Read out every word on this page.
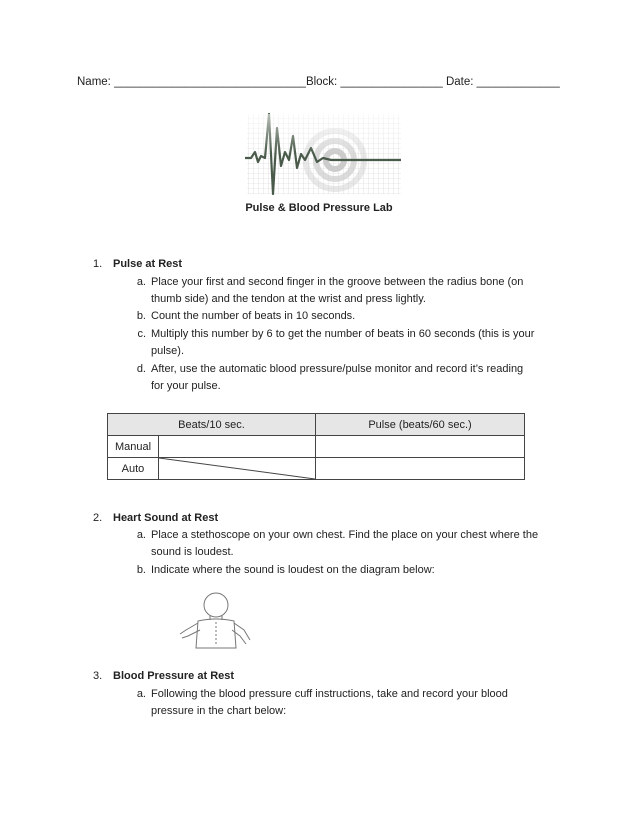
Name: ______________________________Block: ________________ Date: _____________
Pulse & Blood Pressure Lab
1. Pulse at Rest
a. Place your first and second finger in the groove between the radius bone (on
thumb side) and the tendon at the wrist and press lightly.
b. Count the number of beats in 10 seconds.
c. Multiply this number by 6 to get the number of beats in 60 seconds (this is your
pulse).
d. After, use the automatic blood pressure/pulse monitor and record it’s reading
for your pulse.
Beats/10 sec.		Pulse (beats/60 sec.)
Manual		
Auto	

2. Heart Sound at Rest
a. Place a stethoscope on your own chest. Find the place on your chest where the
sound is loudest.
b. Indicate where the sound is loudest on the diagram below:
3. Blood Pressure at Rest
a. Following the blood pressure cuff instructions, take and record your blood
pressure in the chart below:
